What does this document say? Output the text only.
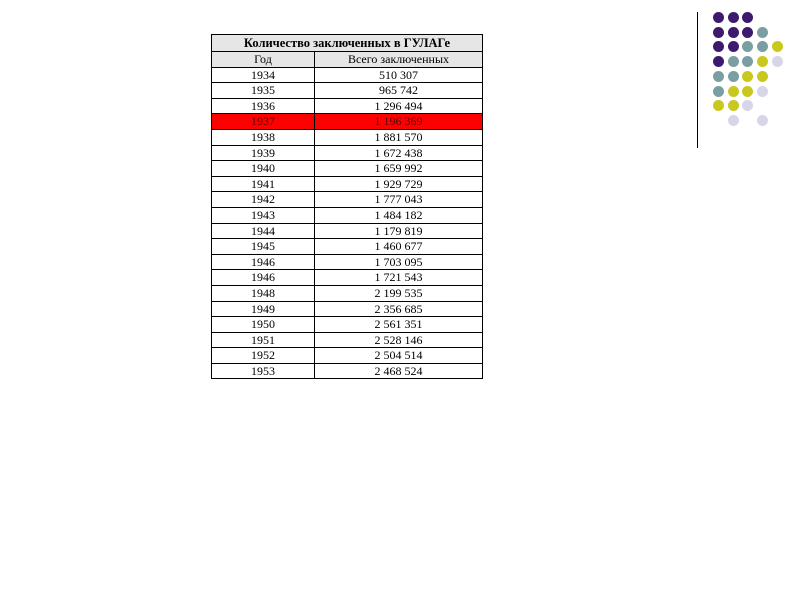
Количество заключенных в ГУЛАГе	
Год	Всего заключенных
1934	510 307
1935	965 742
1936	1 296 494
1937	1 196 369
1938	1 881 570
1939	1 672 438
1940	1 659 992
1941	1 929 729
1942	1 777 043
1943	1 484 182
1944	1 179 819
1945	1 460 677
1946	1 703 095
1946	1 721 543
1948	2 199 535
1949	2 356 685
1950	2 561 351
1951	2 528 146
1952	2 504 514
1953	2 468 524
